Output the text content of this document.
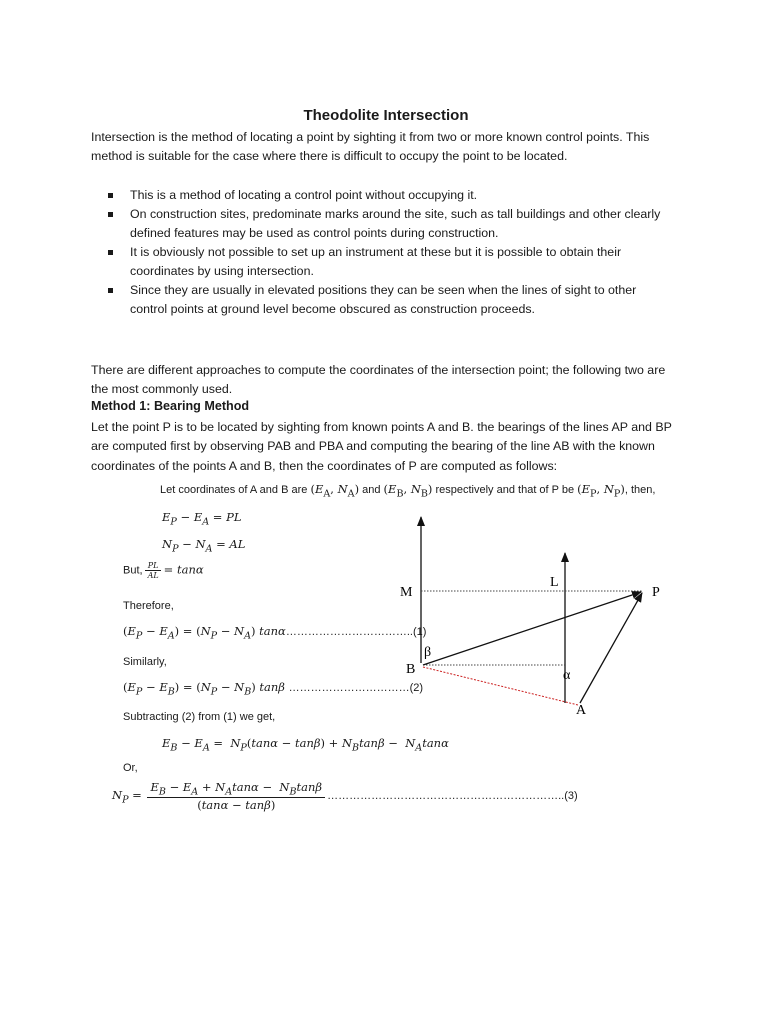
Theodolite Intersection
Intersection is the method of locating a point by sighting it from two or more known control points. This method is suitable for the case where there is difficult to occupy the point to be located.
This is a method of locating a control point without occupying it.
On construction sites, predominate marks around the site, such as tall buildings and other clearly defined features may be used as control points during construction.
It is obviously not possible to set up an instrument at these but it is possible to obtain their coordinates by using intersection.
Since they are usually in elevated positions they can be seen when the lines of sight to other control points at ground level become obscured as construction proceeds.
There are different approaches to compute the coordinates of the intersection point; the following two are the most commonly used.
Method 1: Bearing Method
Let the point P is to be located by sighting from known points A and B. the bearings of the lines AP and BP are computed first by observing PAB and PBA and computing the bearing of the line AB with the known coordinates of the points A and B, then the coordinates of P are computed as follows:
Let coordinates of A and B are ($E_A$, $N_A$) and ($E_B$, $N_B$) respectively and that of P be ($E_P$, $N_P$), then,
$E_P - E_A$ = PL
$N_P - N_A$ = AL
But, $\frac{PL}{AL} = \tan\alpha$
Therefore,
$(E_P - E_A) = (N_P - N_A)$ tanα……………………………..(1)
Similarly,
$(E_P - E_B) = (N_P - N_B)$ tanβ ……………………………(2)
Subtracting (2) from (1) we get,
$E_B - E_A = N_P(\tan\alpha - \tan\beta) + N_B\tan\beta - N_A\tan\alpha$
Or,
$N_P = \frac{E_B - E_A + N_A\tan\alpha - N_B\tan\beta}{(\tan\alpha - \tan\beta)}$ ………………………………………………………..(3)
M
L
P
B
A
β
α
